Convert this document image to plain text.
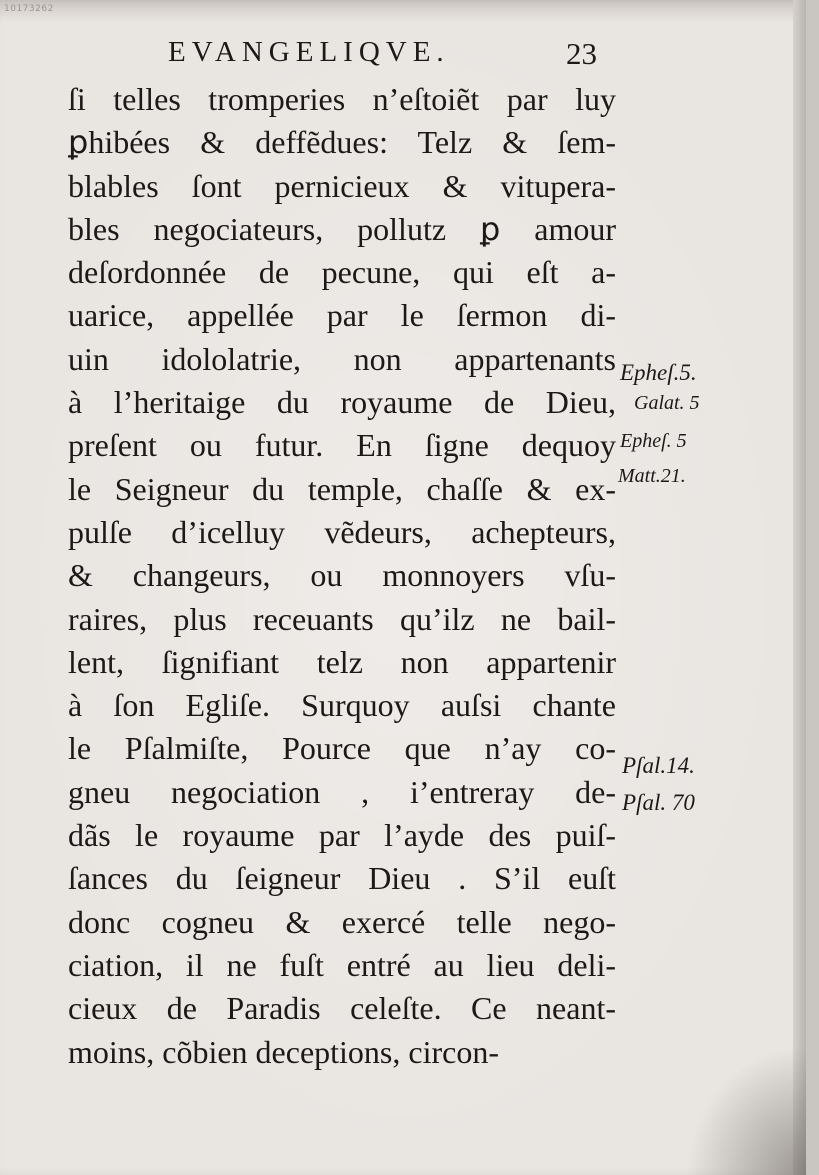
10173262
EVANGELIQVE.	23
ſi telles tromperies n’eſtoiẽt par luy
ꝑhibées & deffẽdues: Telz & ſem-
blables ſont pernicieux & vitupera-
bles negociateurs, pollutz ꝑ amour
deſordonnée de pecune, qui eſt a-
uarice, appellée par le ſermon di-
uin idololatrie, non appartenants
à l’heritaige du royaume de Dieu,
preſent ou futur. En ſigne dequoy
le Seigneur du temple, chaſſe & ex-
pulſe d’icelluy vẽdeurs, achepteurs,
& changeurs, ou monnoyers vſu-
raires, plus receuants qu’ilz ne bail-
lent, ſignifiant telz non appartenir
à ſon Egliſe. Surquoy auſsi chante
le Pſalmiſte, Pource que n’ay co-
gneu negociation , i’entreray de-
dãs le royaume par l’ayde des puiſ-
ſances du ſeigneur Dieu . S’il euſt
donc cogneu & exercé telle nego-
ciation, il ne fuſt entré au lieu deli-
cieux de Paradis celeſte. Ce neant-
moins, cõbien deceptions, circon-
Epheſ.5.
Galat. 5
Epheſ. 5
Matt.21.
Pſal.14.
Pſal. 70
